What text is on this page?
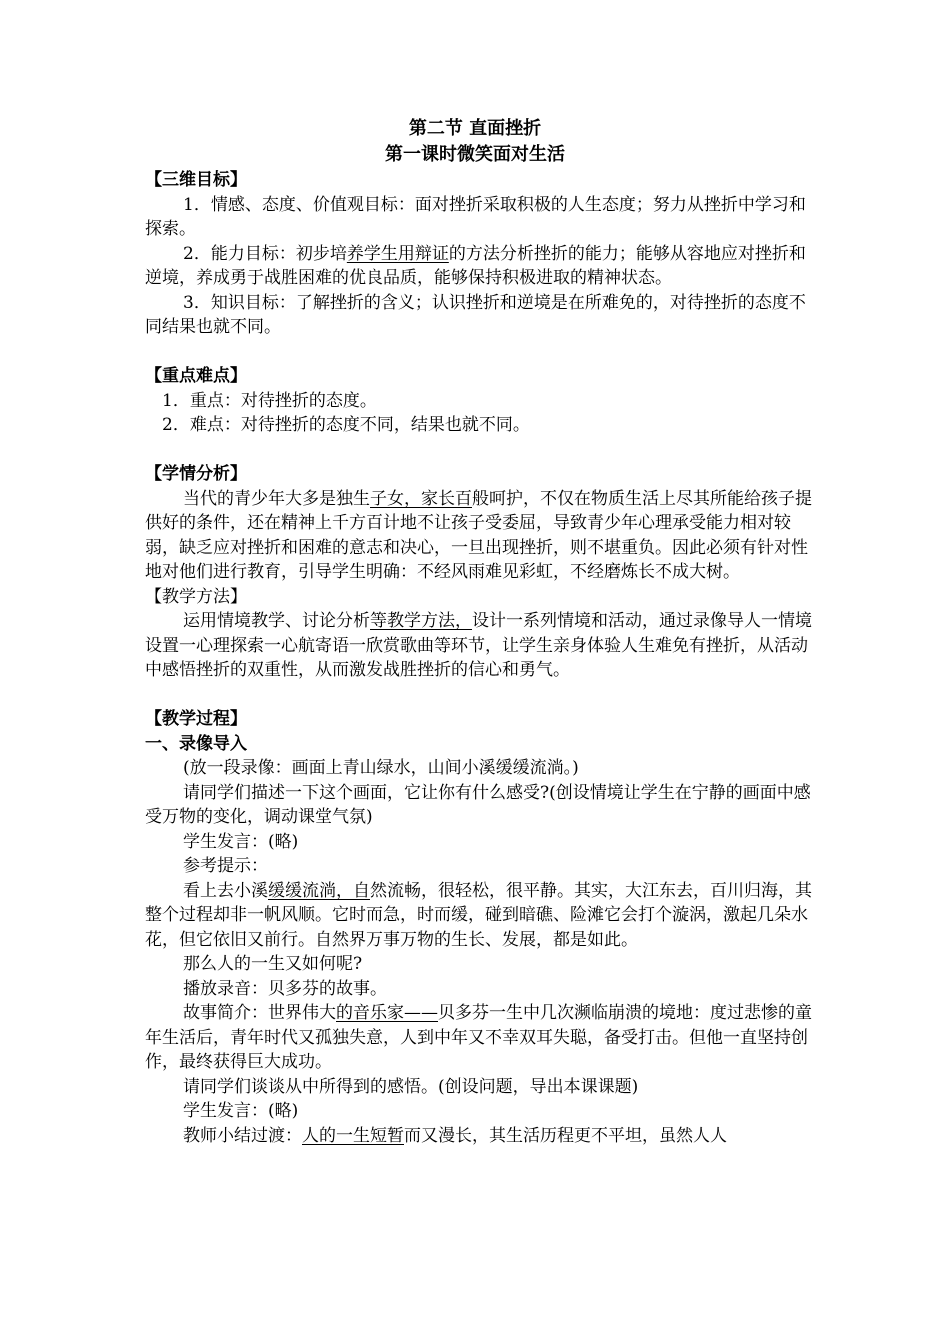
第二节 直面挫折
第一课时微笑面对生活

【三维目标】

1．情感、态度、价值观目标：面对挫折采取积极的人生态度；努力从挫折中学习和探索。

2．能力目标：初步培养学生用辩证的方法分析挫折的能力；能够从容地应对挫折和逆境，养成勇于战胜困难的优良品质，能够保持积极进取的精神状态。

3．知识目标：了解挫折的含义；认识挫折和逆境是在所难免的，对待挫折的态度不同结果也就不同。

【重点难点】

1．重点：对待挫折的态度。

2．难点：对待挫折的态度不同，结果也就不同。

【学情分析】

当代的青少年大多是独生子女，家长百般呵护，不仅在物质生活上尽其所能给孩子提供好的条件，还在精神上千方百计地不让孩子受委屈，导致青少年心理承受能力相对较弱，缺乏应对挫折和困难的意志和决心，一旦出现挫折，则不堪重负。因此必须有针对性地对他们进行教育，引导学生明确：不经风雨难见彩虹，不经磨炼长不成大树。

【教学方法】

运用情境教学、讨论分析等教学方法，设计一系列情境和活动，通过录像导人一情境设置一心理探索一心航寄语一欣赏歌曲等环节，让学生亲身体验人生难免有挫折，从活动中感悟挫折的双重性，从而激发战胜挫折的信心和勇气。

【教学过程】

一、录像导入

(放一段录像：画面上青山绿水，山间小溪缓缓流淌。)

请同学们描述一下这个画面，它让你有什么感受?(创设情境让学生在宁静的画面中感受万物的变化，调动课堂气氛)

学生发言：(略)

参考提示：

看上去小溪缓缓流淌，自然流畅，很轻松，很平静。其实，大江东去，百川归海，其整个过程却非一帆风顺。它时而急，时而缓，碰到暗礁、险滩它会打个漩涡，激起几朵水花，但它依旧又前行。自然界万事万物的生长、发展，都是如此。

那么人的一生又如何呢?

播放录音：贝多芬的故事。

故事简介：世界伟大的音乐家——贝多芬一生中几次濒临崩溃的境地：度过悲惨的童年生活后，青年时代又孤独失意，人到中年又不幸双耳失聪，备受打击。但他一直坚持创作，最终获得巨大成功。

请同学们谈谈从中所得到的感悟。(创设问题，导出本课课题)

学生发言：(略)

教师小结过渡：人的一生短暂而又漫长，其生活历程更不平坦，虽然人人
